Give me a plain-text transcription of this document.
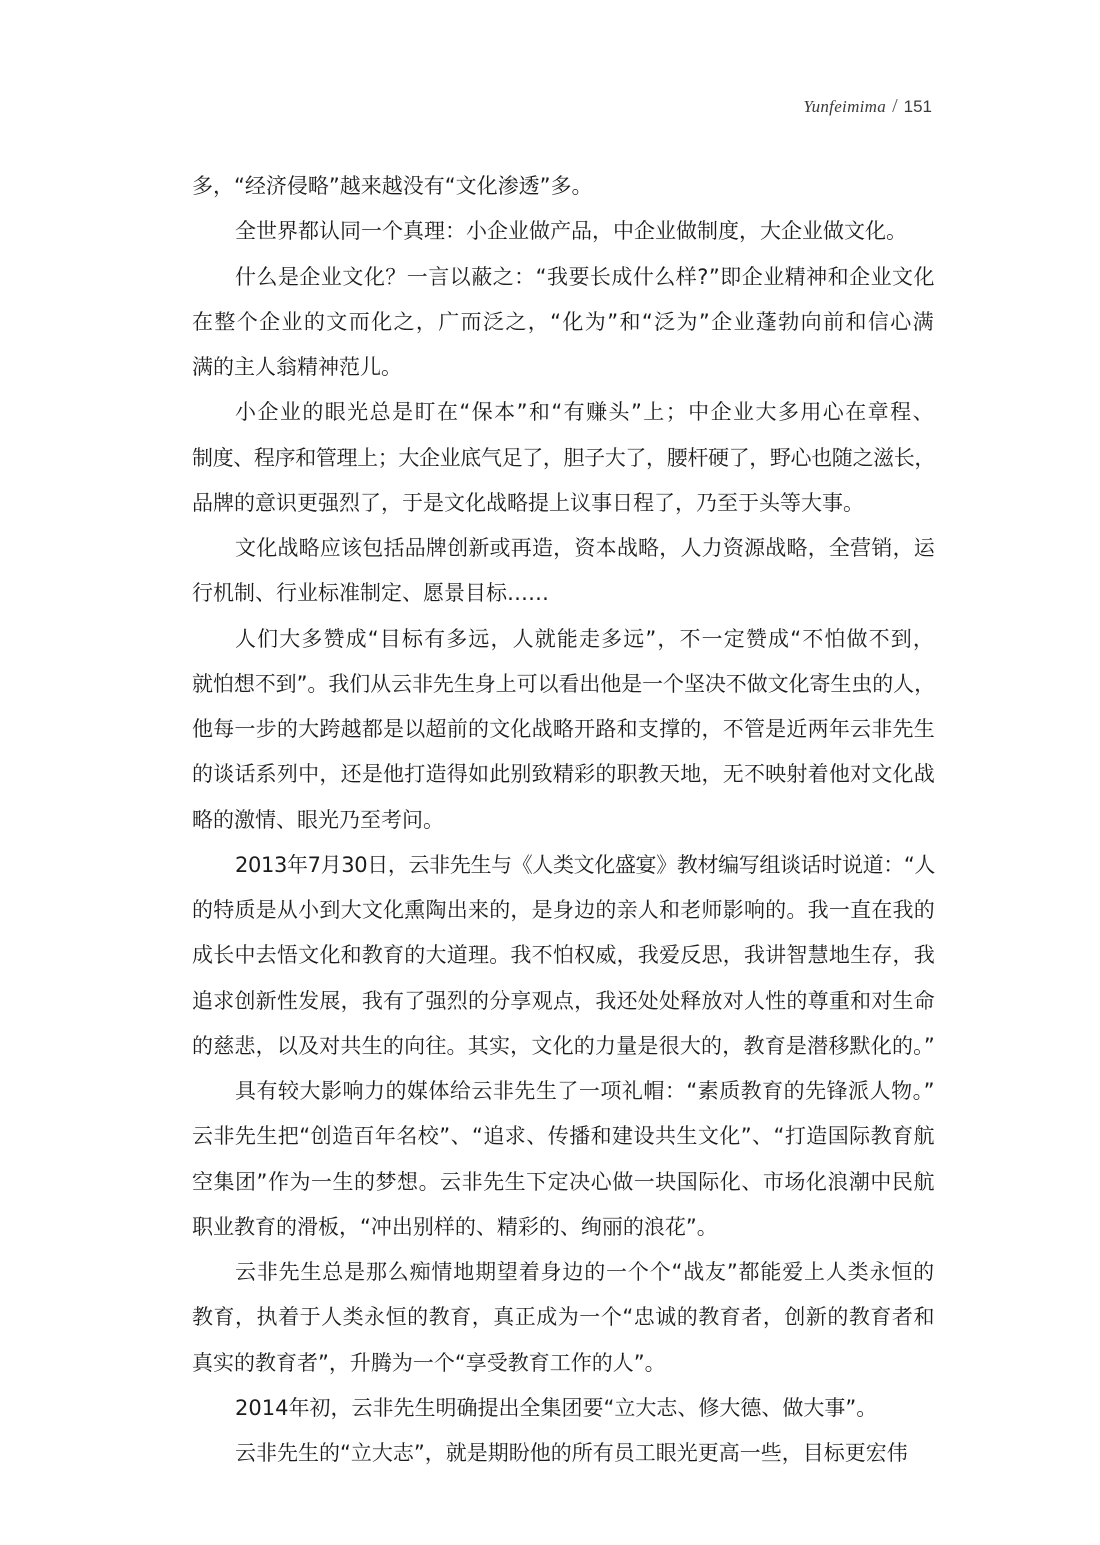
Yunfeimima / 151
多，“经济侵略”越来越没有“文化渗透”多。
全世界都认同一个真理：小企业做产品，中企业做制度，大企业做文化。
什么是企业文化？一言以蔽之：“我要长成什么样?”即企业精神和企业文化
在整个企业的文而化之，广而泛之，“化为”和“泛为”企业蓬勃向前和信心满
满的主人翁精神范儿。
小企业的眼光总是盯在“保本”和“有赚头”上；中企业大多用心在章程、
制度、程序和管理上；大企业底气足了，胆子大了，腰杆硬了，野心也随之滋长，
品牌的意识更强烈了，于是文化战略提上议事日程了，乃至于头等大事。
文化战略应该包括品牌创新或再造，资本战略，人力资源战略，全营销，运
行机制、行业标准制定、愿景目标……
人们大多赞成“目标有多远，人就能走多远”，不一定赞成“不怕做不到，
就怕想不到”。我们从云非先生身上可以看出他是一个坚决不做文化寄生虫的人，
他每一步的大跨越都是以超前的文化战略开路和支撑的，不管是近两年云非先生
的谈话系列中，还是他打造得如此别致精彩的职教天地，无不映射着他对文化战
略的激情、眼光乃至考问。
2013年7月30日，云非先生与《人类文化盛宴》教材编写组谈话时说道：“人
的特质是从小到大文化熏陶出来的，是身边的亲人和老师影响的。我一直在我的
成长中去悟文化和教育的大道理。我不怕权威，我爱反思，我讲智慧地生存，我
追求创新性发展，我有了强烈的分享观点，我还处处释放对人性的尊重和对生命
的慈悲，以及对共生的向往。其实，文化的力量是很大的，教育是潜移默化的。”
具有较大影响力的媒体给云非先生了一项礼帽：“素质教育的先锋派人物。”
云非先生把“创造百年名校”、“追求、传播和建设共生文化”、“打造国际教育航
空集团”作为一生的梦想。云非先生下定决心做一块国际化、市场化浪潮中民航
职业教育的滑板，“冲出别样的、精彩的、绚丽的浪花”。
云非先生总是那么痴情地期望着身边的一个个“战友”都能爱上人类永恒的
教育，执着于人类永恒的教育，真正成为一个“忠诚的教育者，创新的教育者和
真实的教育者”，升腾为一个“享受教育工作的人”。
2014年初，云非先生明确提出全集团要“立大志、修大德、做大事”。
云非先生的“立大志”，就是期盼他的所有员工眼光更高一些，目标更宏伟
